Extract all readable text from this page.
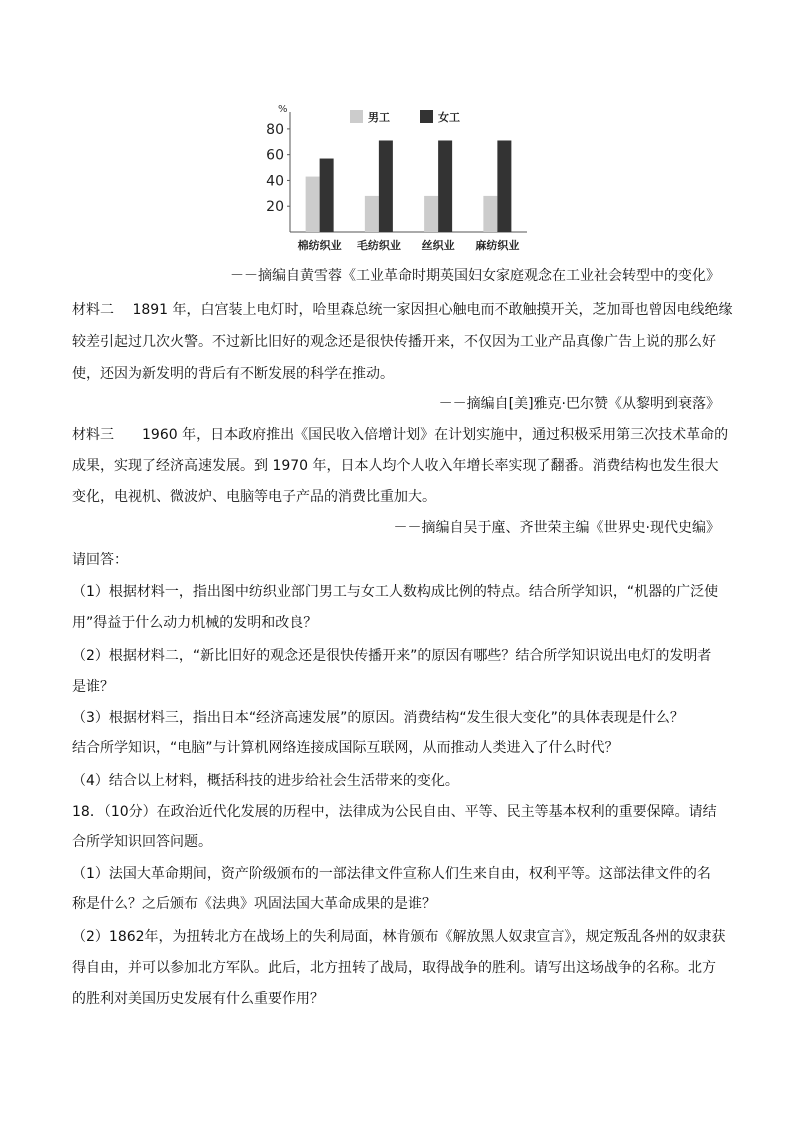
%
20
40
60
80
棉纺织业 毛纺织业 丝织业 麻纺织业
男工	女工
－－摘编自黄雪蓉《工业革命时期英国妇女家庭观念在工业社会转型中的变化》
材料二　 1891 年，白宫装上电灯时，哈里森总统一家因担心触电而不敢触摸开关，芝加哥也曾因电线绝缘
较差引起过几次火警。不过新比旧好的观念还是很快传播开来，不仅因为工业产品真像广告上说的那么好
使，还因为新发明的背后有不断发展的科学在推动。
－－摘编自[美]雅克·巴尔赞《从黎明到衰落》
材料三　　1960 年，日本政府推出《国民收入倍增计划》在计划实施中，通过积极采用第三次技术革命的
成果，实现了经济高速发展。到 1970 年，日本人均个人收入年增长率实现了翻番。消费结构也发生很大
变化，电视机、微波炉、电脑等电子产品的消费比重加大。
－－摘编自吴于廑、齐世荣主编《世界史·现代史编》
请回答：
（1）根据材料一，指出图中纺织业部门男工与女工人数构成比例的特点。结合所学知识，“机器的广泛使
用”得益于什么动力机械的发明和改良？
（2）根据材料二，“新比旧好的观念还是很快传播开来”的原因有哪些？结合所学知识说出电灯的发明者
是谁？
（3）根据材料三，指出日本“经济高速发展”的原因。消费结构“发生很大变化”的具体表现是什么？
结合所学知识，“电脑”与计算机网络连接成国际互联网，从而推动人类进入了什么时代？
（4）结合以上材料，概括科技的进步给社会生活带来的变化。
18．（10分）在政治近代化发展的历程中，法律成为公民自由、平等、民主等基本权利的重要保障。请结
合所学知识回答问题。
（1）法国大革命期间，资产阶级颁布的一部法律文件宣称人们生来自由，权利平等。这部法律文件的名
称是什么？之后颁布《法典》巩固法国大革命成果的是谁？
（2）1862年，为扭转北方在战场上的失利局面，林肯颁布《解放黑人奴隶宣言》，规定叛乱各州的奴隶获
得自由，并可以参加北方军队。此后，北方扭转了战局，取得战争的胜利。请写出这场战争的名称。北方
的胜利对美国历史发展有什么重要作用？
